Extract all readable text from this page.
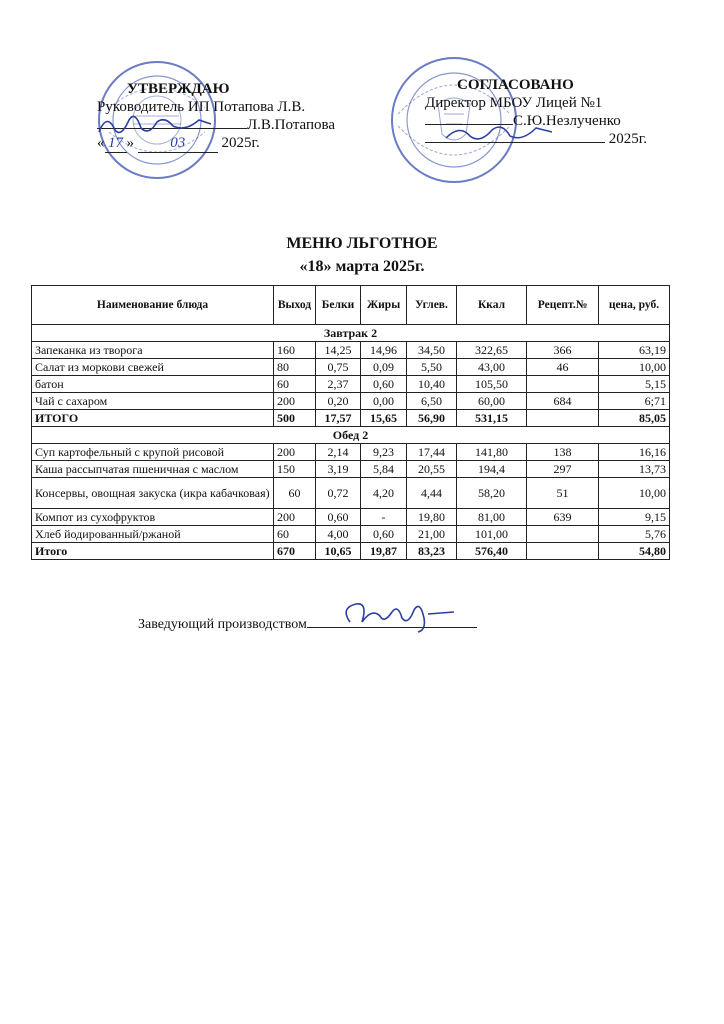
УТВЕРЖДАЮ
Руководитель ИП Потапова Л.В.
Л.В.Потапова
« 17 » 03 2025г.
СОГЛАСОВАНО
Директор МБОУ Лицей №1
С.Ю.Незлученко
2025г.
МЕНЮ ЛЬГОТНОЕ
«18» марта 2025г.
Наименование блюда	Выход	Белки	Жиры	Углев.	Ккал	Рецепт.№	цена, руб.
Завтрак 2							
Запеканка из творога	160	14,25	14,96	34,50	322,65	366	63,19
Салат из моркови свежей	80	0,75	0,09	5,50	43,00	46	10,00
батон	60	2,37	0,60	10,40	105,50		5,15
Чай с сахаром	200	0,20	0,00	6,50	60,00	684	6;71
ИТОГО	500	17,57	15,65	56,90	531,15		85,05
Обед 2							
Суп картофельный с крупой рисовой	200	2,14	9,23	17,44	141,80	138	16,16
Каша рассыпчатая пшеничная с маслом	150	3,19	5,84	20,55	194,4	297	13,73
Консервы, овощная закуска (икра кабачковая)	60	0,72	4,20	4,44	58,20	51	10,00
Компот из сухофруктов	200	0,60	-	19,80	81,00	639	9,15
Хлеб йодированный/ржаной	60	4,00	0,60	21,00	101,00		5,76
Итого	670	10,65	19,87	83,23	576,40		54,80
Заведующий производством
